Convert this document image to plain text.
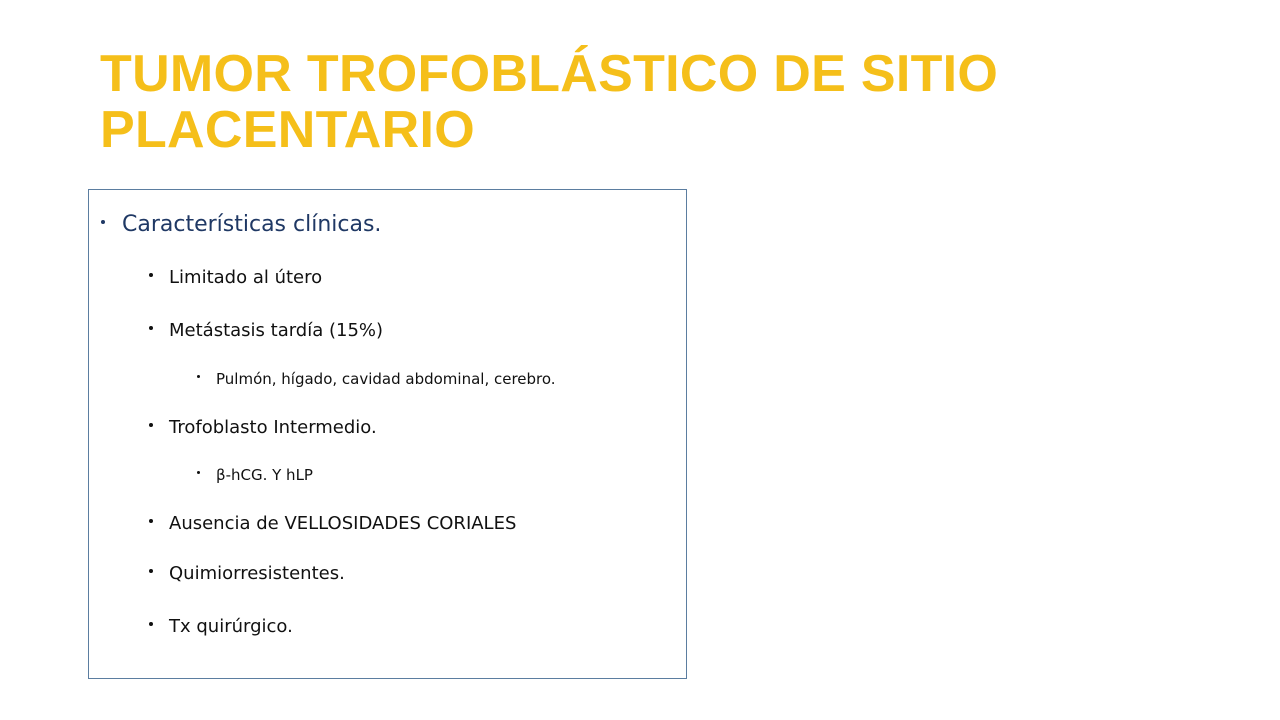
TUMOR TROFOBLÁSTICO DE SITIO
PLACENTARIO
Características clínicas.
Limitado al útero
Metástasis tardía (15%)
Pulmón, hígado, cavidad abdominal, cerebro.
Trofoblasto Intermedio.
β-hCG. Y hLP
Ausencia de VELLOSIDADES CORIALES
Quimiorresistentes.
Tx quirúrgico.
